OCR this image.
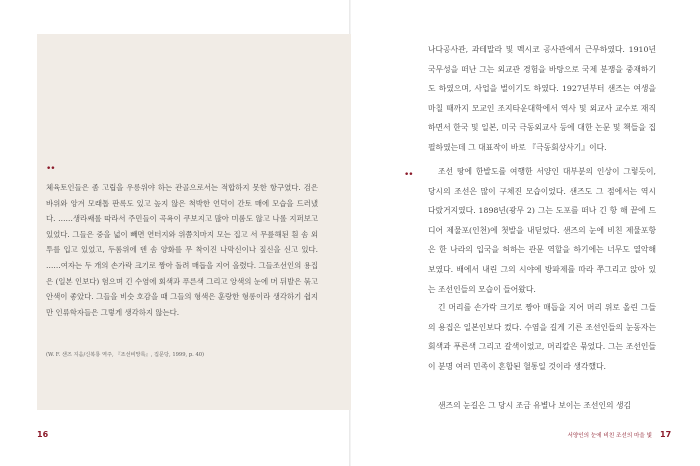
••

체육토인들은 좀 고립을 우릉위야 하는 관골으로서는 적합하지 못한 항구였다. 검은 바위와 앙겨 모래톱 판록도 있고 높지 않은 척박한 언덕이 간토 매에 모습을 드러냈다. ……생라쌔롤 따라서 주민들이 곡욕이 쿠보지고 많아 미롬도 않고 나롤 지퍼보고 있었다. 그들은 중을 넓이 빼면 연터지와 위쯤치마지 모는 집고 서 무릎해된 흰 솜 외투를 입고 있었고, 두롬위에 덴 솜 양화를 무 착이진 나막신이나 짚신을 신고 있다. ……여자는 두 개의 손가락 크기로 짱아 돌려 매듭을 지어 올렸다. 그들조선인의 용집은 (일본 인보다) 험으며 긴 수염에 회색과 푸른색 그리고 앙색의 눈에 머 뒤발은 묶고 안색이 좋았다. 그들을 비슷 호감을 때 그들의 형색은 훈랑한 형롱이라 생각하기 쉽지만 인류학자들은 그렇게 생각하지 않는다.

(W. F. 샌즈 지음/신복룡 역주, 『조선비망록』, 집문당, 1999, p. 40)

16

나다공사관, 과테말라 및 멕시코 공사관에서 근무하였다. 1910년 국무성을 떠난 그는 외교관 경험을 바탕으로 국제 분쟁을 중재하기도 하였으며, 사업을 벌이기도 하였다. 1927년부터 샌즈는 여생을 마칠 때까지 모교인 조지타운대학에서 역사 및 외교사 교수로 재직하면서 한국 및 일본, 미국 극동외교사 등에 대한 논문 및 책들을 집필하였는데 그 대표작이 바로 『극동회상사기』이다.

••	조선 땅에 한발도를 여행한 서양인 대부분의 인상이 그렇듯이, 당시의 조선은 많이 구체진 모습이었다. 샌즈도 그 점에서는 역시 다랐거지였다. 1898년(광무 2) 그는 도포를 떠나 긴 항 해 끝에 드디어 제물포(인천)에 첫발을 내딛었다. 샌즈의 눈에 비친 제물포항은 한 나라의 입국을 허하는 관문 역할을 하기에는 너무도 열악해 보였다. 배에서 내린 그의 시야에 방파제를 따라 쭈그리고 앉아 있는 조선인들의 모습이 들어왔다.

긴 머리를 손가락 크기로 짱아 매듭을 지어 머리 위로 올린 그들의 용집은 일본인보다 컸다. 수염을 길게 기른 조선인들의 눈동자는 회색과 푸른색 그리고 갈색이었고, 머리칼은 묶었다. 그는 조선인들이 분명 여러 민족이 혼합된 혈통일 것이라 생각했다.

샌즈의 눈길은 그 당시 조금 유별나 보이는 조선인의 생김

서양인의 눈에 비친 조선의 마을 빛 17
